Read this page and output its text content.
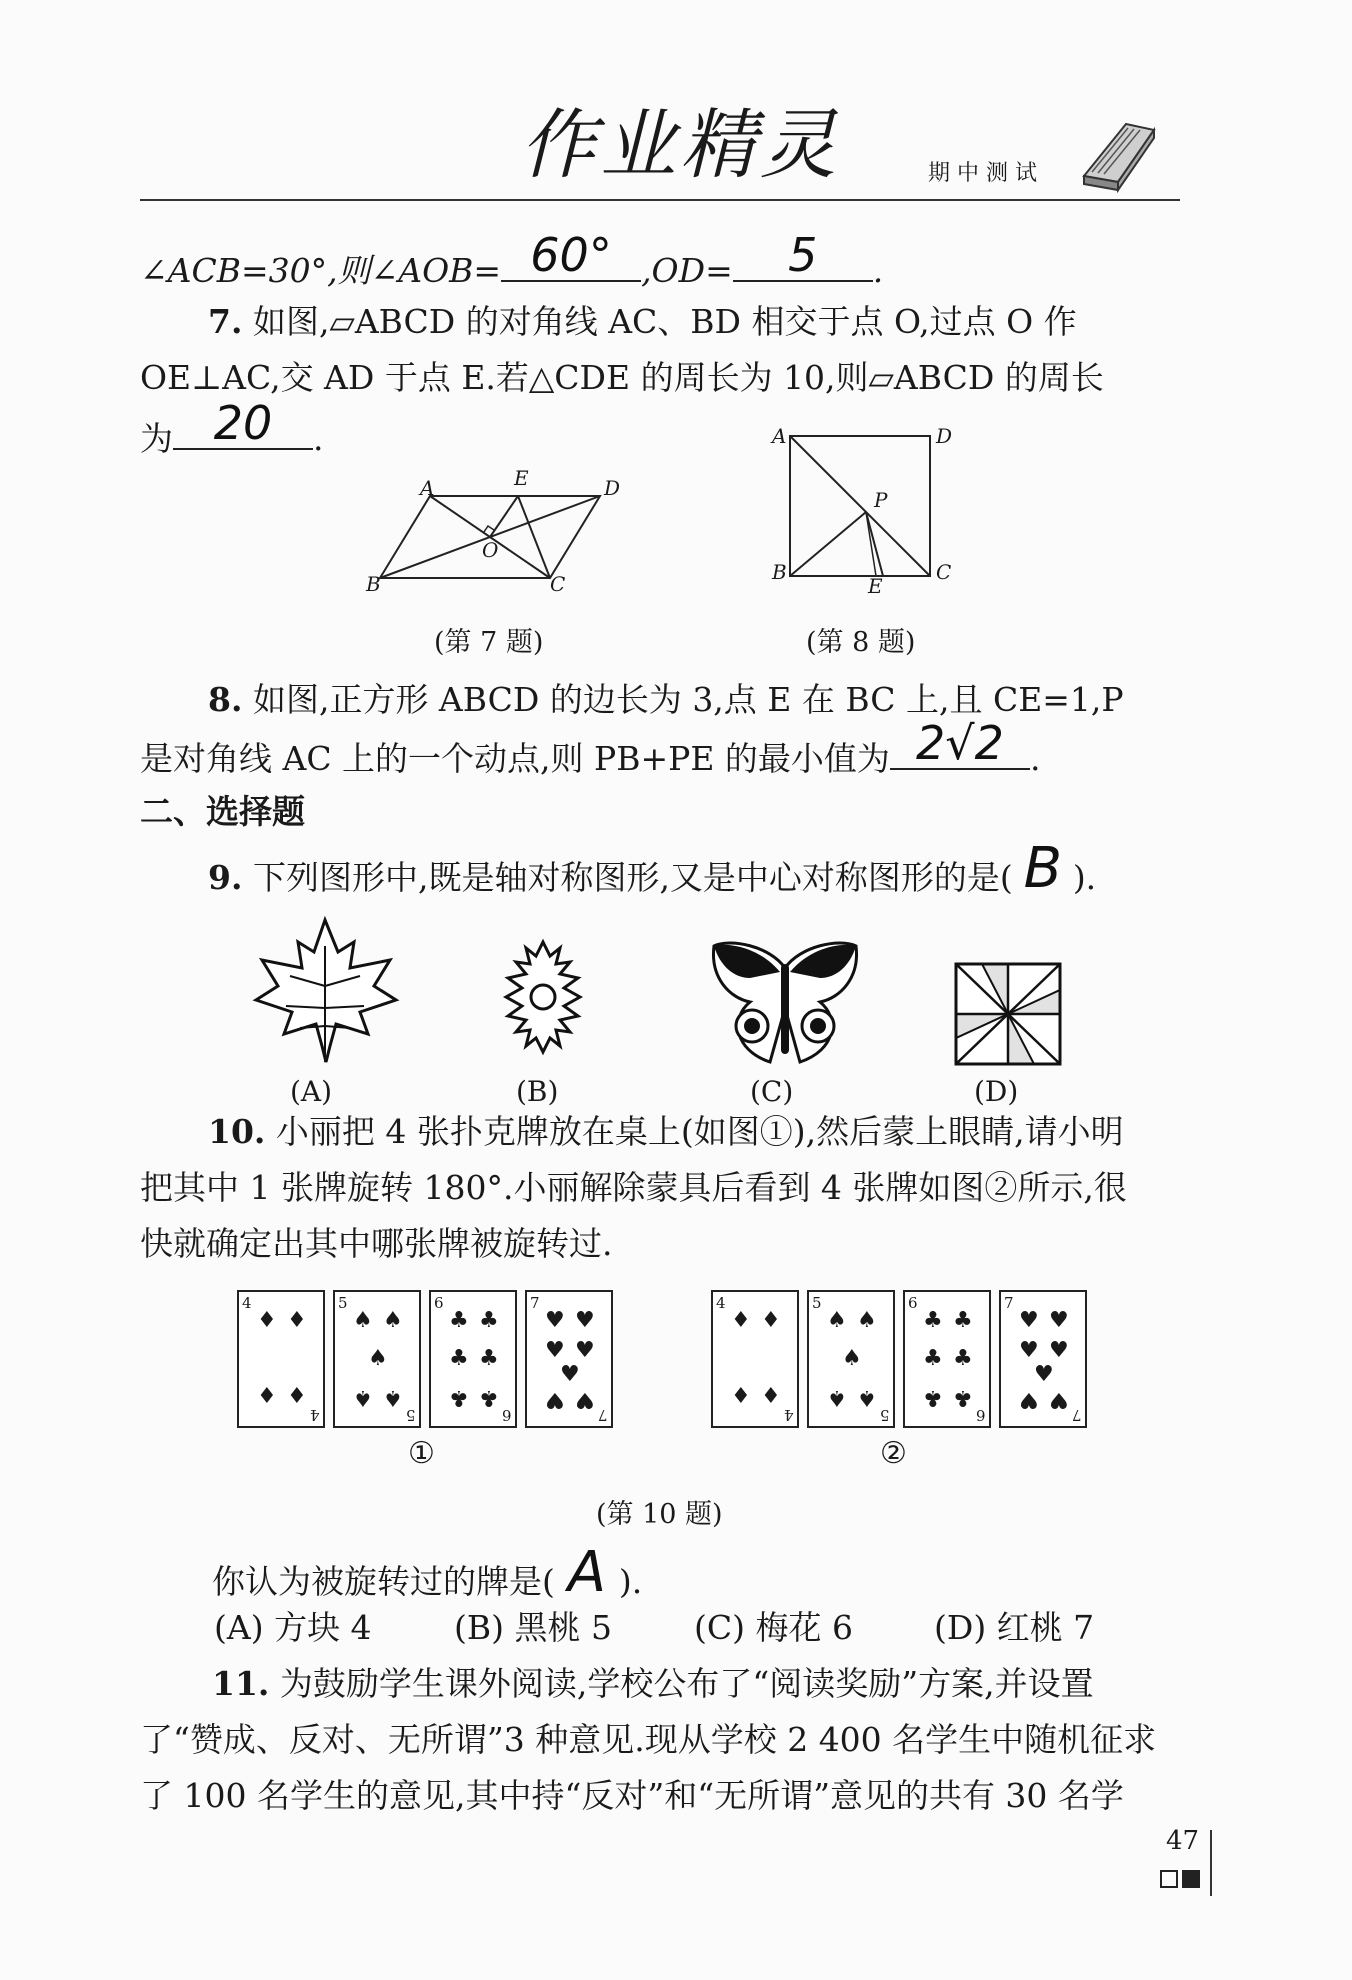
作业精灵	期 中 测 试
∠ACB=30°,则∠AOB= 60° ,OD=	5	.
7. 如图,▱ABCD 的对角线 AC、BD 相交于点 O,过点 O 作
OE⊥AC,交 AD 于点 E.若△CDE 的周长为 10,则▱ABCD 的周长
为 20	.
A	E	D
O
B	C
(第 7 题)
A	D
P
B
E
C
(第 8 题)
8. 如图,正方形 ABCD 的边长为 3,点 E 在 BC 上,且 CE=1,P
是对角线 AC 上的一个动点,则 PB+PE 的最小值为 2√2 .
二、选择题
9. 下列图形中,既是轴对称图形,又是中心对称图形的是( B ).
(A)	(B)	(C)	(D)
10. 小丽把 4 张扑克牌放在桌上(如图①),然后蒙上眼睛,请小明
把其中 1 张牌旋转 180°.小丽解除蒙具后看到 4 张牌如图②所示,很
快就确定出其中哪张牌被旋转过.
4
4
♦ ♦
♦ ♦
5
5
♠ ♠
♠
♠ ♠
6
6
♣ ♣
♣ ♣
♣ ♣
7
7
♥ ♥
♥ ♥
♥
♥ ♥
①
4
4
♦ ♦
♦ ♦
5
5
♠ ♠
♠
♠ ♠
6
6
♣ ♣
♣ ♣
♣ ♣
7
7
♥ ♥
♥ ♥
♥
♥ ♥
②
(第 10 题)
你认为被旋转过的牌是( A ).
(A) 方块 4 (B) 黑桃 5 (C) 梅花 6 (D) 红桃 7
11. 为鼓励学生课外阅读,学校公布了“阅读奖励”方案,并设置
了“赞成、反对、无所谓”3 种意见.现从学校 2 400 名学生中随机征求
了 100 名学生的意见,其中持“反对”和“无所谓”意见的共有 30 名学
47
